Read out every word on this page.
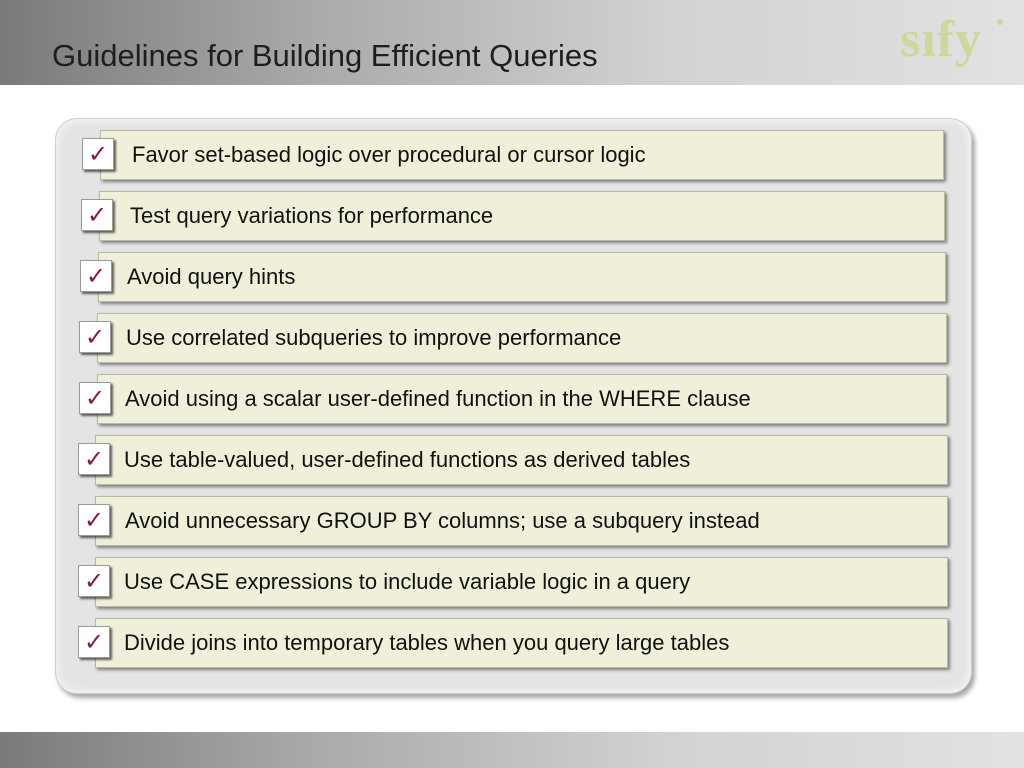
Guidelines for Building Efficient Queries	sıfy
✓ Favor set-based logic over procedural or cursor logic
✓ Test query variations for performance
✓ Avoid query hints
✓ Use correlated subqueries to improve performance
✓ Avoid using a scalar user-defined function in the WHERE clause
✓ Use table-valued, user-defined functions as derived tables
✓ Avoid unnecessary GROUP BY columns; use a subquery instead
✓ Use CASE expressions to include variable logic in a query
✓ Divide joins into temporary tables when you query large tables
